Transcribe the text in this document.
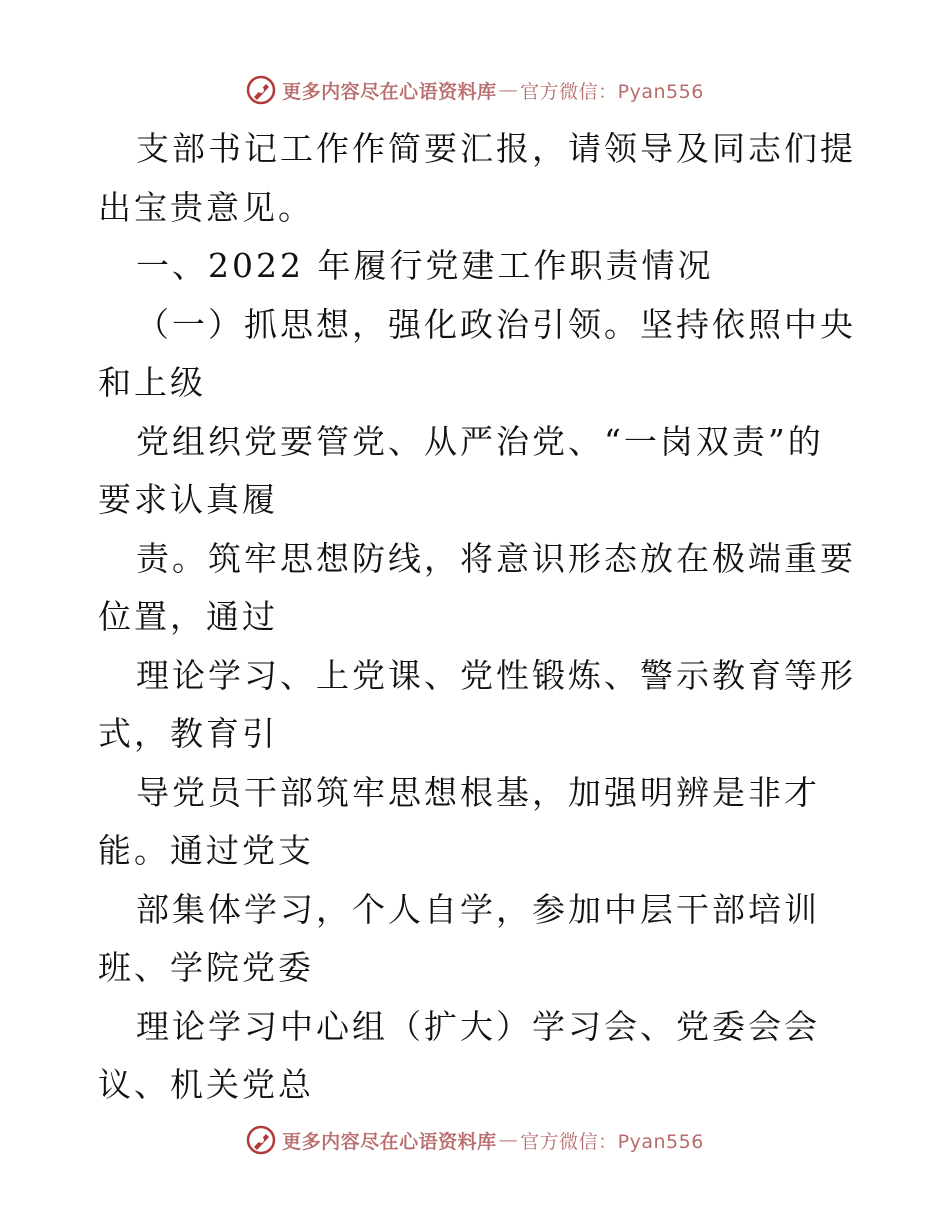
更多内容尽在心语资料库 — 官方微信：Pyan556

支部书记工作作简要汇报，请领导及同志们提出宝贵意见。

一、2022 年履行党建工作职责情况

（一）抓思想，强化政治引领。坚持依照中央和上级

党组织党要管党、从严治党、“一岗双责”的要求认真履

责。筑牢思想防线，将意识形态放在极端重要位置，通过

理论学习、上党课、党性锻炼、警示教育等形式，教育引

导党员干部筑牢思想根基，加强明辨是非才能。通过党支

部集体学习，个人自学，参加中层干部培训班、学院党委

理论学习中心组（扩大）学习会、党委会会议、机关党总

更多内容尽在心语资料库 — 官方微信：Pyan556
